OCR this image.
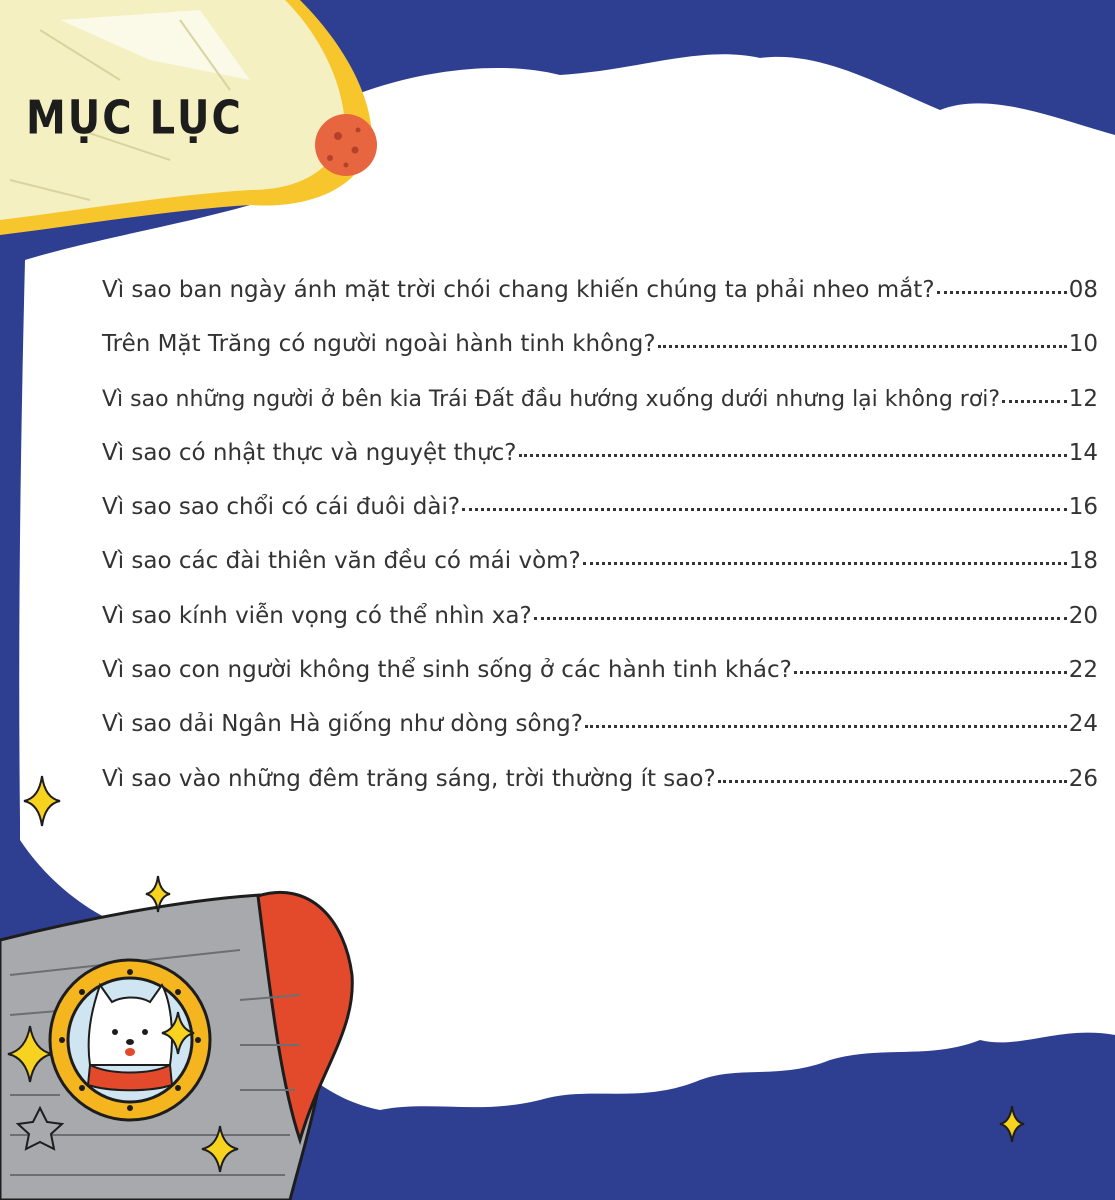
MỤC LỤC
Vì sao ban ngày ánh mặt trời chói chang khiến chúng ta phải nheo mắt?	08
Trên Mặt Trăng có người ngoài hành tinh không?	10
Vì sao những người ở bên kia Trái Đất đầu hướng xuống dưới nhưng lại không rơi?	12
Vì sao có nhật thực và nguyệt thực?	14
Vì sao sao chổi có cái đuôi dài?	16
Vì sao các đài thiên văn đều có mái vòm?	18
Vì sao kính viễn vọng có thể nhìn xa?	20
Vì sao con người không thể sinh sống ở các hành tinh khác?	22
Vì sao dải Ngân Hà giống như dòng sông?	24
Vì sao vào những đêm trăng sáng, trời thường ít sao?	26
